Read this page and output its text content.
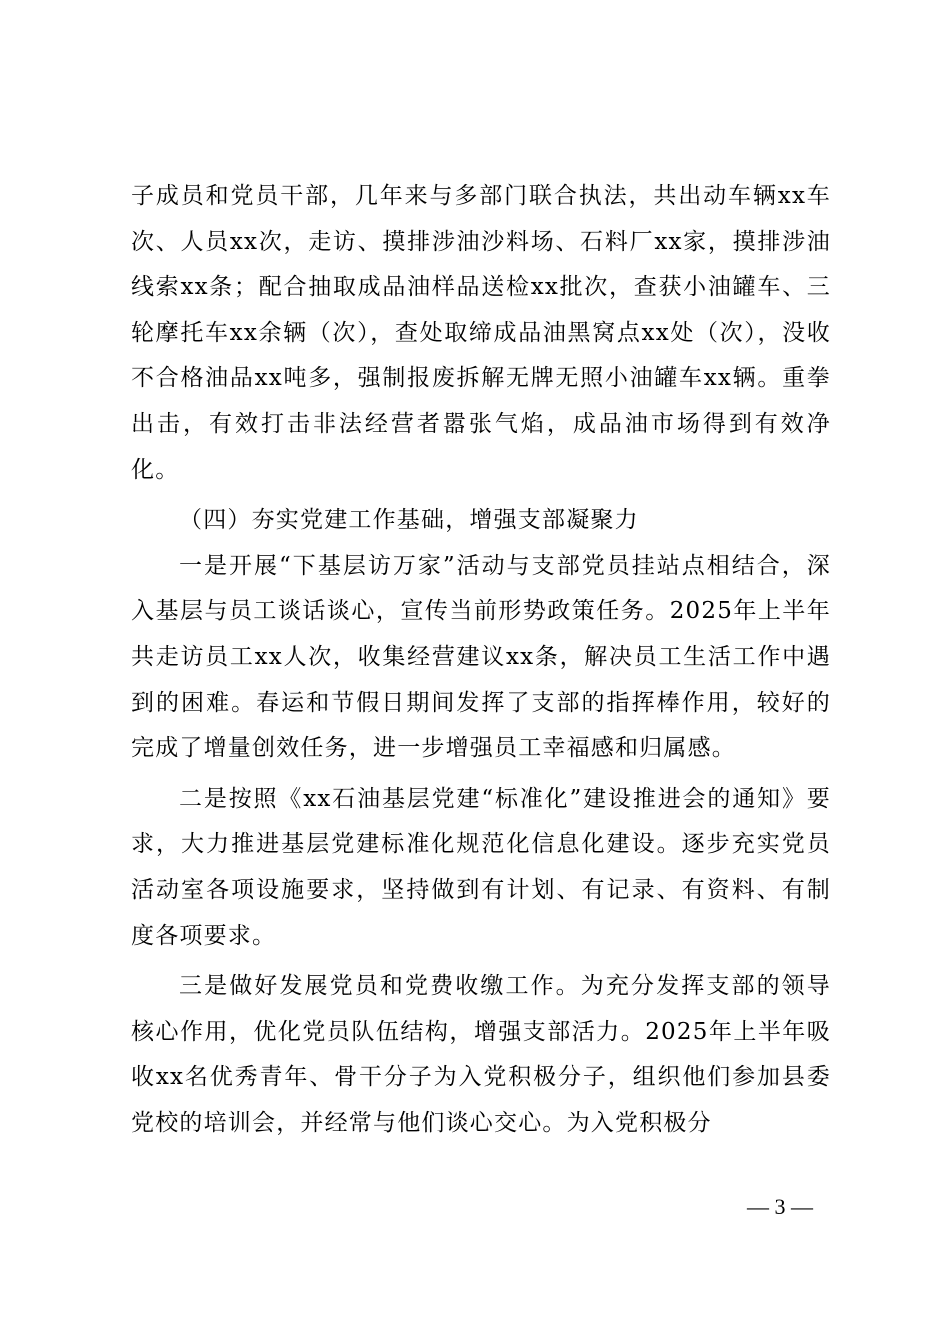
子成员和党员干部，几年来与多部门联合执法，共出动车辆xx车次、人员xx次，走访、摸排涉油沙料场、石料厂xx家，摸排涉油线索xx条；配合抽取成品油样品送检xx批次，查获小油罐车、三轮摩托车xx余辆（次），查处取缔成品油黑窝点xx处（次），没收不合格油品xx吨多，强制报废拆解无牌无照小油罐车xx辆。重拳出击，有效打击非法经营者嚣张气焰，成品油市场得到有效净化。

（四）夯实党建工作基础，增强支部凝聚力

一是开展“下基层访万家”活动与支部党员挂站点相结合，深入基层与员工谈话谈心，宣传当前形势政策任务。2025年上半年共走访员工xx人次，收集经营建议xx条，解决员工生活工作中遇到的困难。春运和节假日期间发挥了支部的指挥棒作用，较好的完成了增量创效任务，进一步增强员工幸福感和归属感。

二是按照《xx石油基层党建“标准化”建设推进会的通知》要求，大力推进基层党建标准化规范化信息化建设。逐步充实党员活动室各项设施要求，坚持做到有计划、有记录、有资料、有制度各项要求。

三是做好发展党员和党费收缴工作。为充分发挥支部的领导核心作用，优化党员队伍结构，增强支部活力。2025年上半年吸收xx名优秀青年、骨干分子为入党积极分子，组织他们参加县委党校的培训会，并经常与他们谈心交心。为入党积极分

— 3 —
